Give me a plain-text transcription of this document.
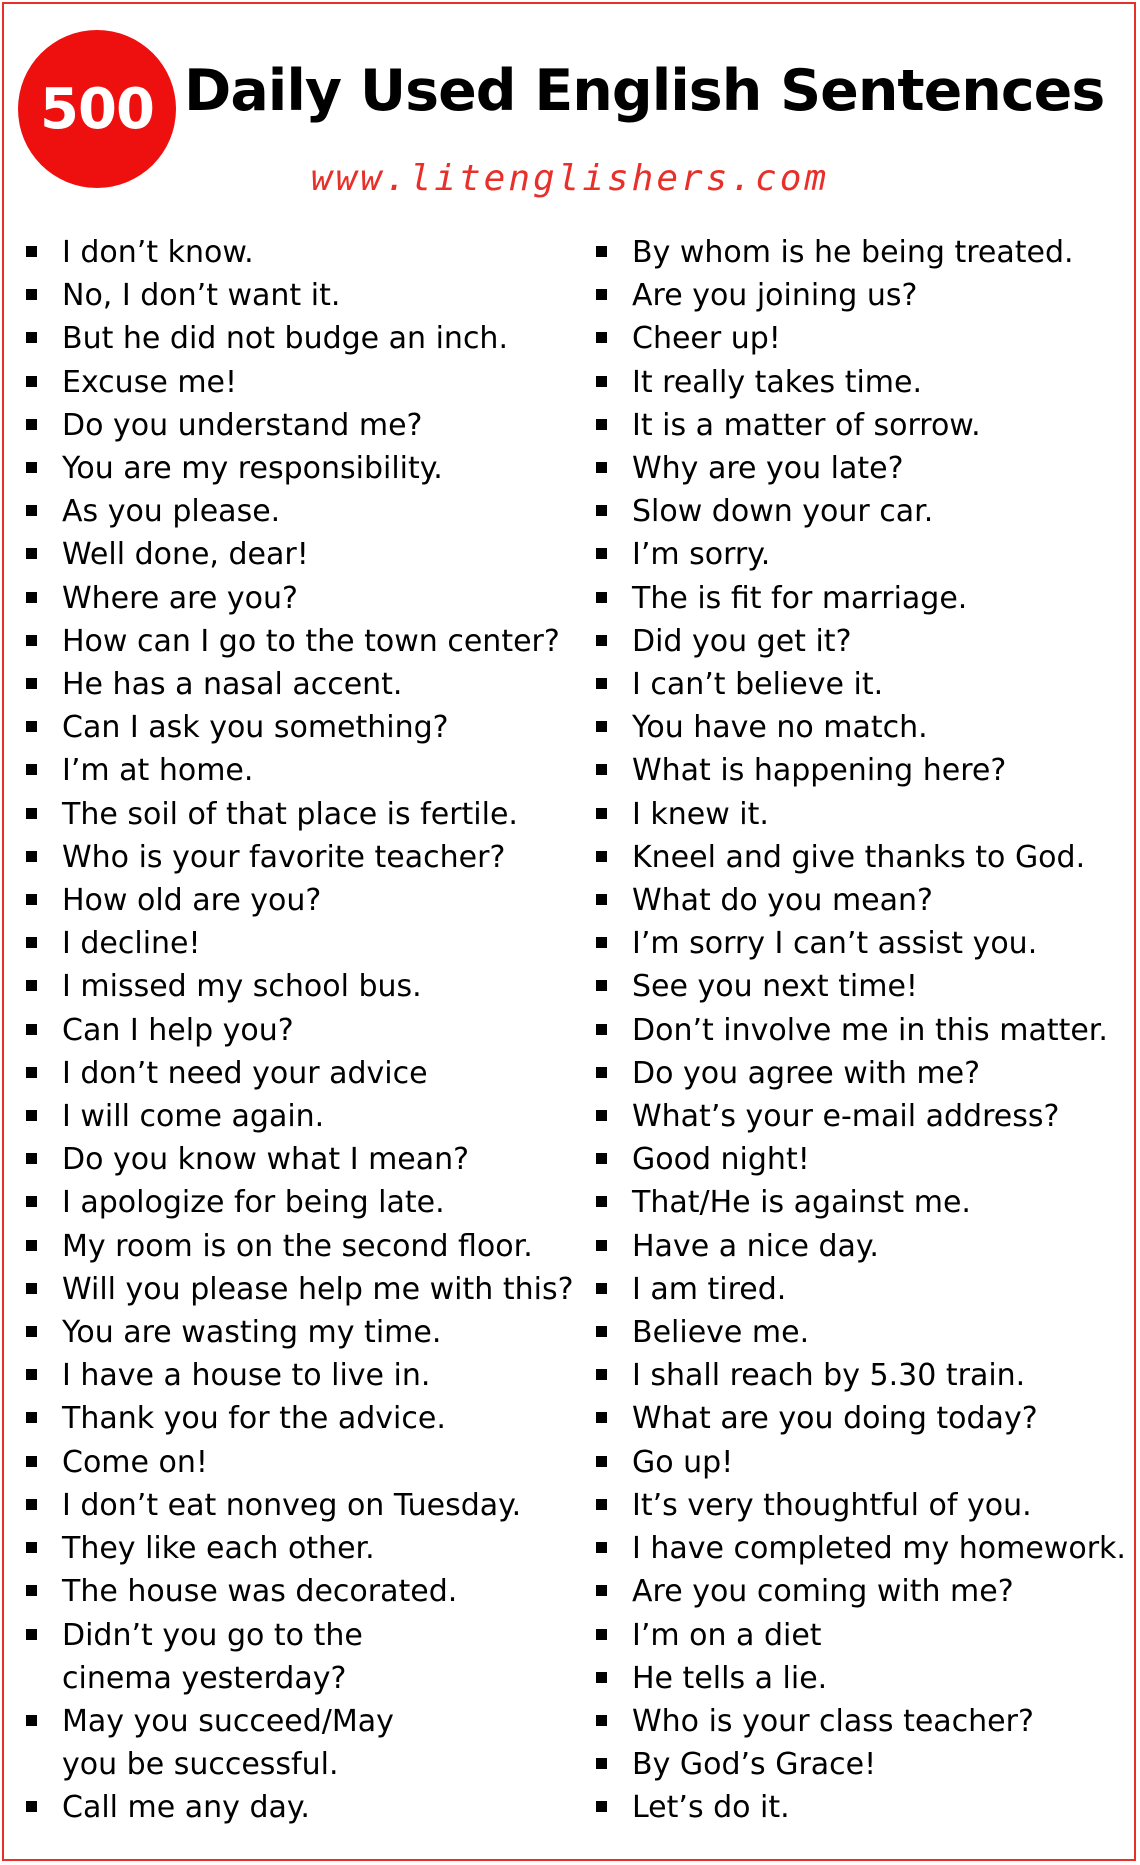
500 Daily Used English Sentences
www.litenglishers.com
I don’t know.
No, I don’t want it.
But he did not budge an inch.
Excuse me!
Do you understand me?
You are my responsibility.
As you please.
Well done, dear!
Where are you?
How can I go to the town center?
He has a nasal accent.
Can I ask you something?
I’m at home.
The soil of that place is fertile.
Who is your favorite teacher?
How old are you?
I decline!
I missed my school bus.
Can I help you?
I don’t need your advice
I will come again.
Do you know what I mean?
I apologize for being late.
My room is on the second floor.
Will you please help me with this?
You are wasting my time.
I have a house to live in.
Thank you for the advice.
Come on!
I don’t eat nonveg on Tuesday.
They like each other.
The house was decorated.
Didn’t you go to the cinema yesterday?
May you succeed/May you be successful.
Call me any day.
By whom is he being treated.
Are you joining us?
Cheer up!
It really takes time.
It is a matter of sorrow.
Why are you late?
Slow down your car.
I’m sorry.
The is fit for marriage.
Did you get it?
I can’t believe it.
You have no match.
What is happening here?
I knew it.
Kneel and give thanks to God.
What do you mean?
I’m sorry I can’t assist you.
See you next time!
Don’t involve me in this matter.
Do you agree with me?
What’s your e-mail address?
Good night!
That/He is against me.
Have a nice day.
I am tired.
Believe me.
I shall reach by 5.30 train.
What are you doing today?
Go up!
It’s very thoughtful of you.
I have completed my homework.
Are you coming with me?
I’m on a diet
He tells a lie.
Who is your class teacher?
By God’s Grace!
Let’s do it.
